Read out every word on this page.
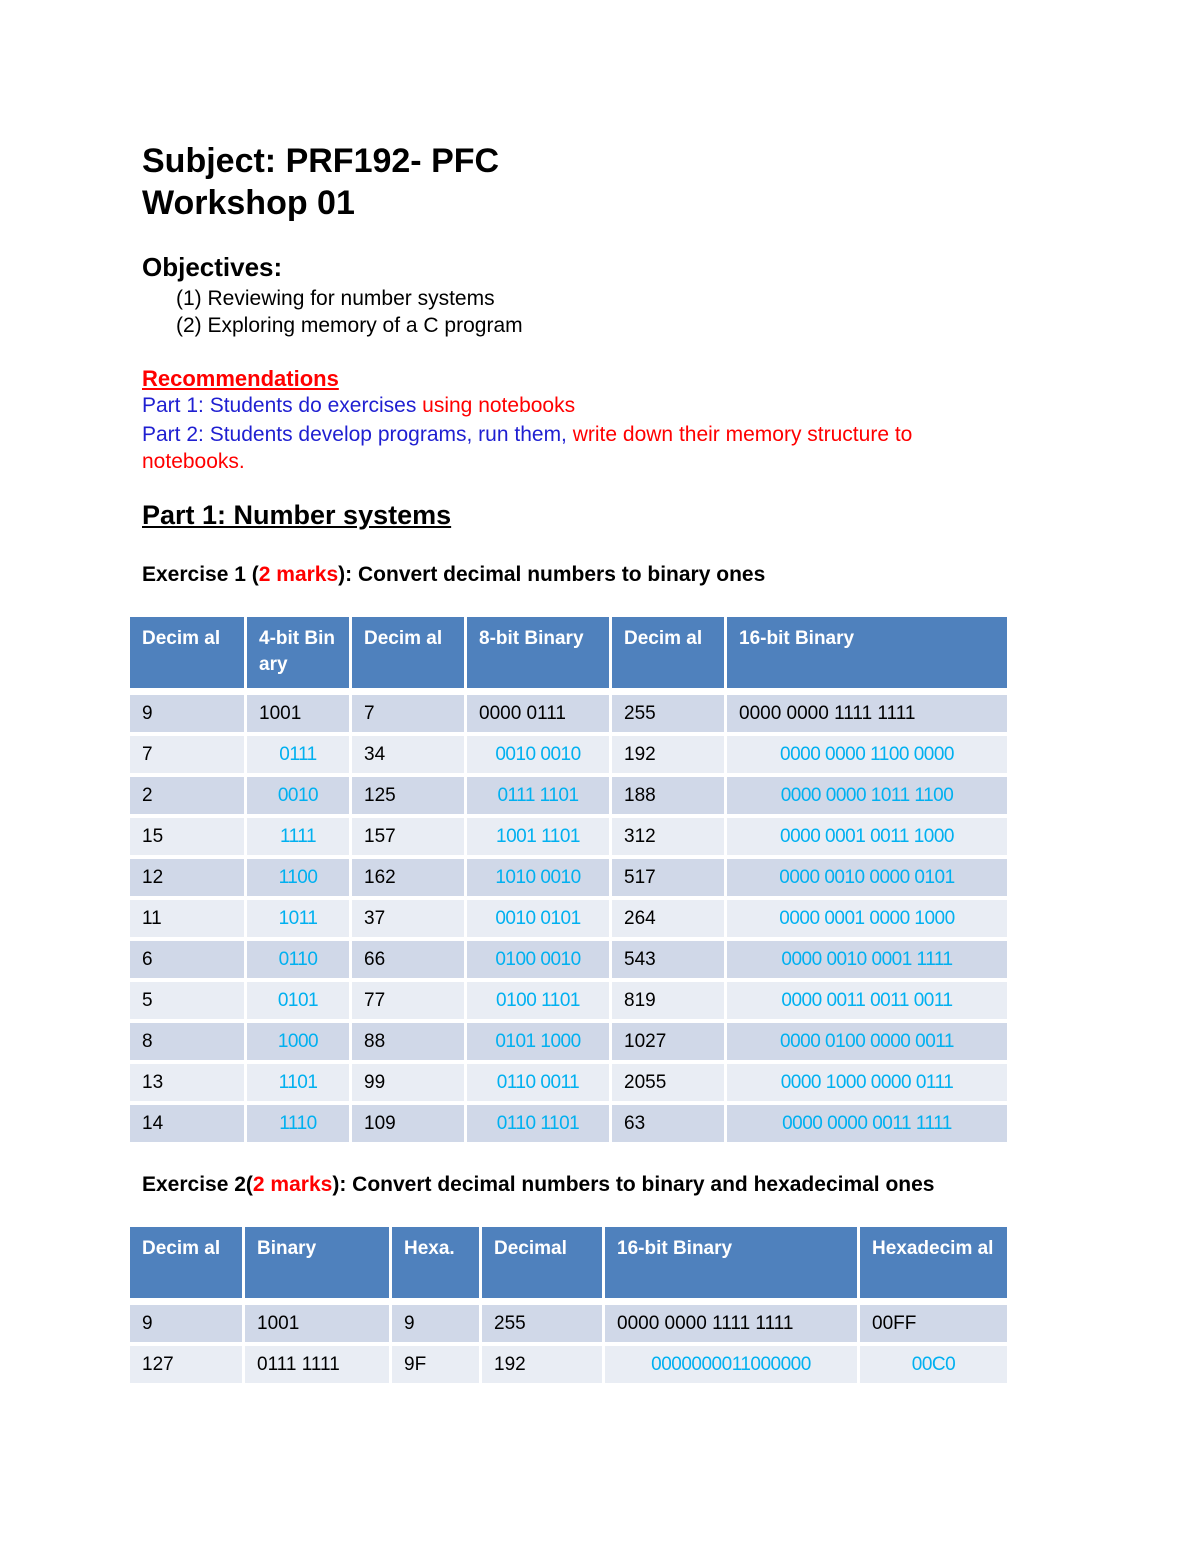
Subject: PRF192- PFC
Workshop 01
Objectives:
(1) Reviewing for number systems
(2) Exploring memory of a C program
Recommendations
Part 1: Students do exercises using notebooks
Part 2: Students develop programs, run them, write down their memory structure to
notebooks.
Part 1: Number systems
Exercise 1 (2 marks): Convert decimal numbers to binary ones
Decim al	4-bit Binary	Decim al	8-bit Binary	Decim al	16-bit Binary
9	1001	7	0000 0111	255	0000 0000 1111 1111
7	0111	34	0010 0010	192	0000 0000 1100 0000
2	0010	125	0111 1101	188	0000 0000 1011 1100
15	1111	157	1001 1101	312	0000 0001 0011 1000
12	1100	162	1010 0010	517	0000 0010 0000 0101
11	1011	37	0010 0101	264	0000 0001 0000 1000
6	0110	66	0100 0010	543	0000 0010 0001 1111
5	0101	77	0100 1101	819	0000 0011 0011 0011
8	1000	88	0101 1000	1027	0000 0100 0000 0011
13	1101	99	0110 0011	2055	0000 1000 0000 0111
14	1110	109	0110 1101	63	0000 0000 0011 1111
Exercise 2(2 marks): Convert decimal numbers to binary and hexadecimal ones
Decim al	Binary	Hexa.	Decimal	16-bit Binary	Hexadecim al
9	1001	9	255	0000 0000 1111 1111	00FF
127	0111 1111	9F	192	0000000011000000	00C0
